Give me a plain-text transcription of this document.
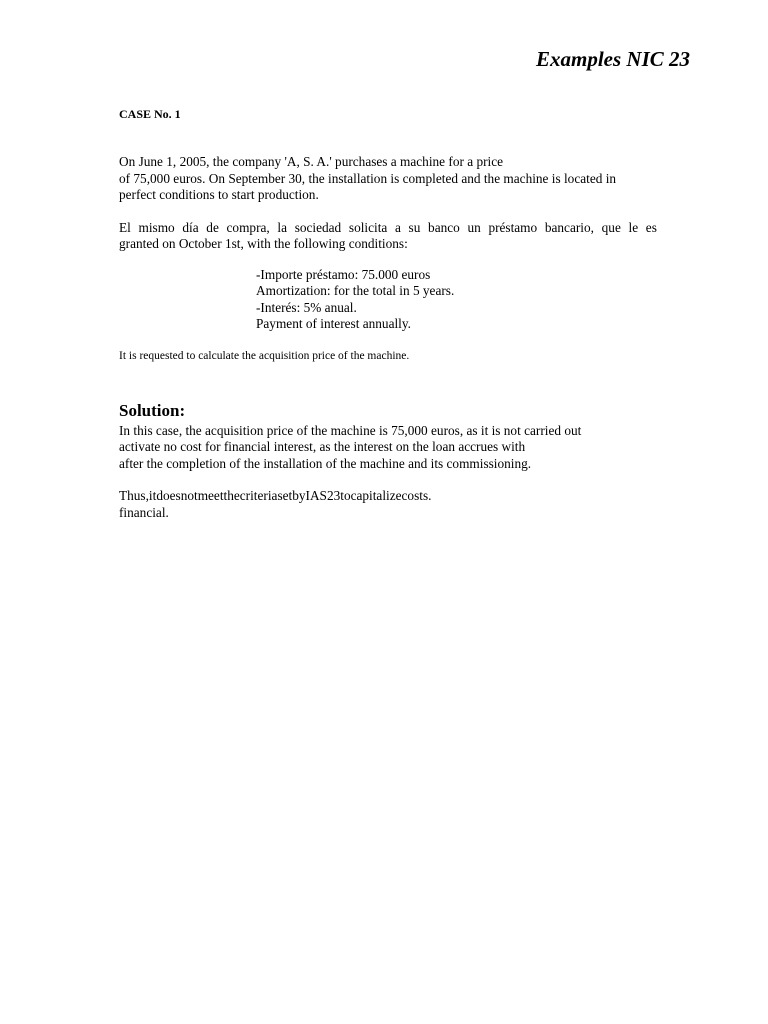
Examples NIC 23

CASE No. 1

On June 1, 2005, the company 'A, S. A.' purchases a machine for a price
of 75,000 euros. On September 30, the installation is completed and the machine is located in
perfect conditions to start production.

El mismo día de compra, la sociedad solicita a su banco un préstamo bancario, que le es
granted on October 1st, with the following conditions:

-Importe préstamo: 75.000 euros
Amortization: for the total in 5 years.
-Interés: 5% anual.
Payment of interest annually.

It is requested to calculate the acquisition price of the machine.

Solution:

In this case, the acquisition price of the machine is 75,000 euros, as it is not carried out
activate no cost for financial interest, as the interest on the loan accrues with
after the completion of the installation of the machine and its commissioning.

Thus,itdoesnotmeetthecriteriasetbyIAS23tocapitalizecosts.
financial.
